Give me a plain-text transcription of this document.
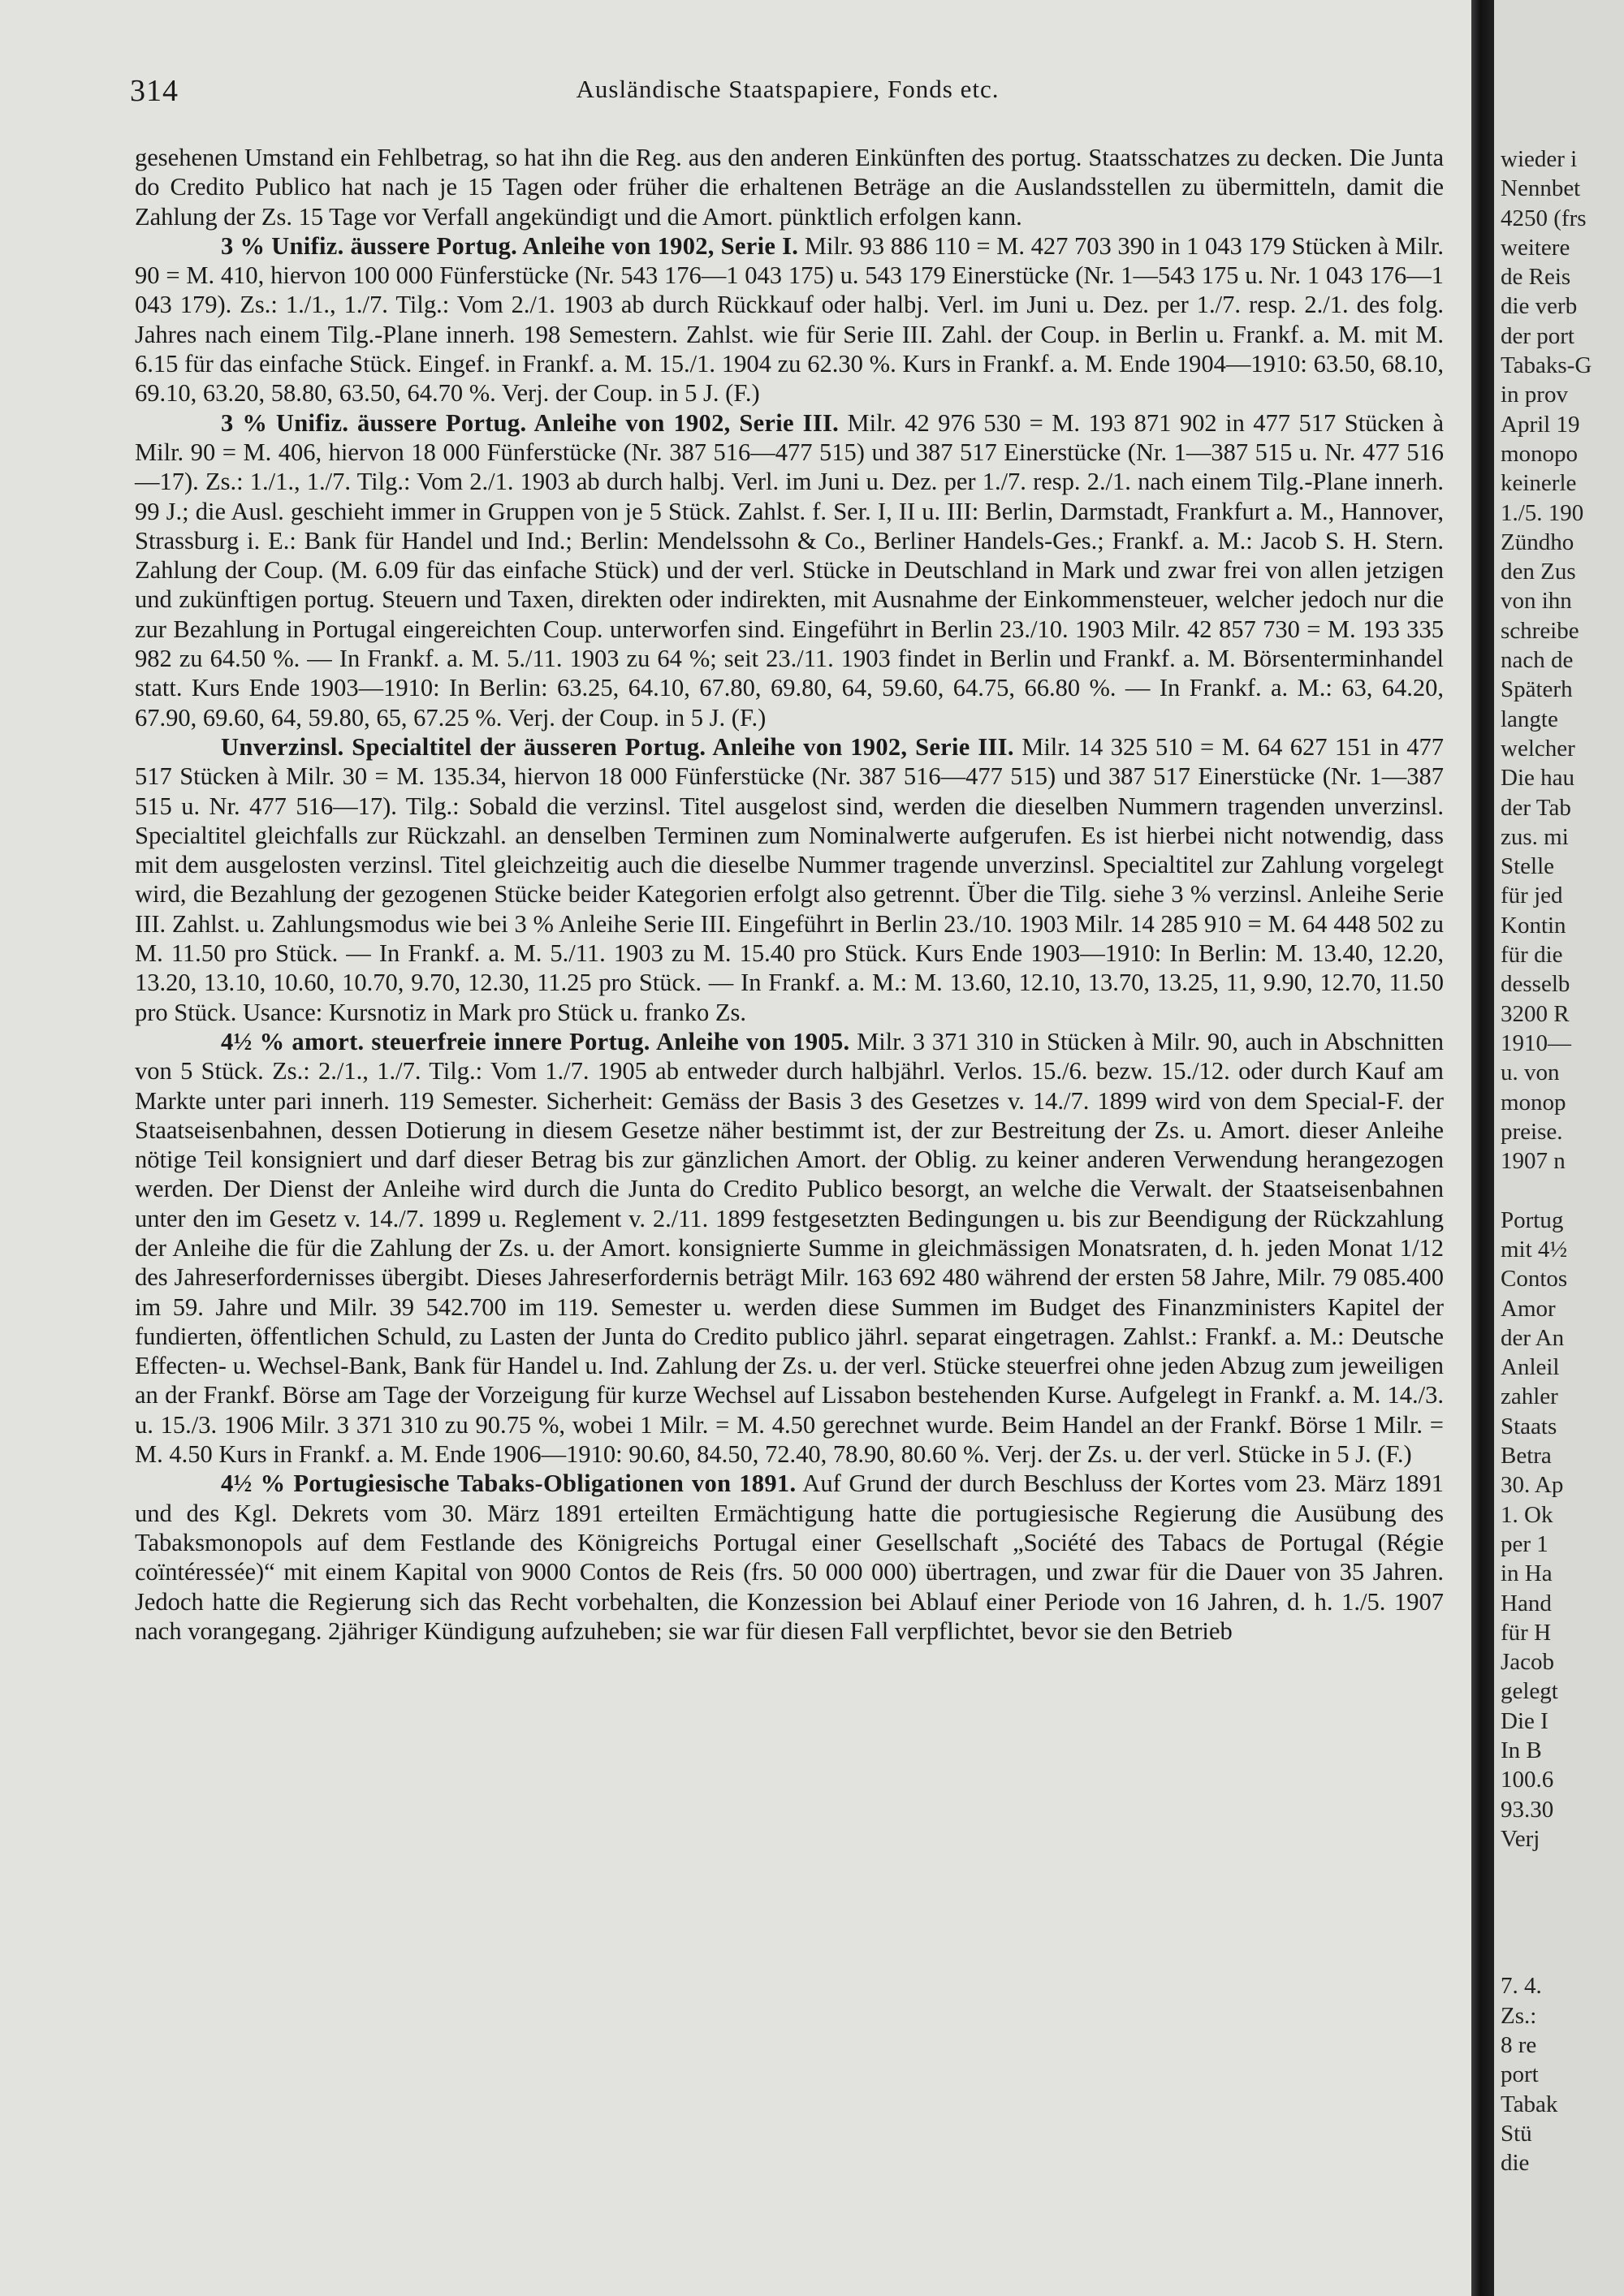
314	Ausländische Staatspapiere, Fonds etc.

gesehenen Umstand ein Fehlbetrag, so hat ihn die Reg. aus den anderen Einkünften des portug. Staatsschatzes zu decken. Die Junta do Credito Publico hat nach je 15 Tagen oder früher die erhaltenen Beträge an die Auslandsstellen zu übermitteln, damit die Zahlung der Zs. 15 Tage vor Verfall angekündigt und die Amort. pünktlich erfolgen kann.

3 % Unifiz. äussere Portug. Anleihe von 1902, Serie I. Milr. 93 886 110 = M. 427 703 390 in 1 043 179 Stücken à Milr. 90 = M. 410, hiervon 100 000 Fünferstücke (Nr. 543 176—1 043 175) u. 543 179 Einerstücke (Nr. 1—543 175 u. Nr. 1 043 176—1 043 179). Zs.: 1./1., 1./7. Tilg.: Vom 2./1. 1903 ab durch Rückkauf oder halbj. Verl. im Juni u. Dez. per 1./7. resp. 2./1. des folg. Jahres nach einem Tilg.-Plane innerh. 198 Semestern. Zahlst. wie für Serie III. Zahl. der Coup. in Berlin u. Frankf. a. M. mit M. 6.15 für das einfache Stück. Eingef. in Frankf. a. M. 15./1. 1904 zu 62.30 %. Kurs in Frankf. a. M. Ende 1904—1910: 63.50, 68.10, 69.10, 63.20, 58.80, 63.50, 64.70 %. Verj. der Coup. in 5 J. (F.)

3 % Unifiz. äussere Portug. Anleihe von 1902, Serie III. Milr. 42 976 530 = M. 193 871 902 in 477 517 Stücken à Milr. 90 = M. 406, hiervon 18 000 Fünferstücke (Nr. 387 516—477 515) und 387 517 Einerstücke (Nr. 1—387 515 u. Nr. 477 516—17). Zs.: 1./1., 1./7. Tilg.: Vom 2./1. 1903 ab durch halbj. Verl. im Juni u. Dez. per 1./7. resp. 2./1. nach einem Tilg.-Plane innerh. 99 J.; die Ausl. geschieht immer in Gruppen von je 5 Stück. Zahlst. f. Ser. I, II u. III: Berlin, Darmstadt, Frankfurt a. M., Hannover, Strassburg i. E.: Bank für Handel und Ind.; Berlin: Mendelssohn & Co., Berliner Handels-Ges.; Frankf. a. M.: Jacob S. H. Stern. Zahlung der Coup. (M. 6.09 für das einfache Stück) und der verl. Stücke in Deutschland in Mark und zwar frei von allen jetzigen und zukünftigen portug. Steuern und Taxen, direkten oder indirekten, mit Ausnahme der Einkommensteuer, welcher jedoch nur die zur Bezahlung in Portugal eingereichten Coup. unterworfen sind. Eingeführt in Berlin 23./10. 1903 Milr. 42 857 730 = M. 193 335 982 zu 64.50 %. — In Frankf. a. M. 5./11. 1903 zu 64 %; seit 23./11. 1903 findet in Berlin und Frankf. a. M. Börsenterminhandel statt. Kurs Ende 1903—1910: In Berlin: 63.25, 64.10, 67.80, 69.80, 64, 59.60, 64.75, 66.80 %. — In Frankf. a. M.: 63, 64.20, 67.90, 69.60, 64, 59.80, 65, 67.25 %. Verj. der Coup. in 5 J. (F.)

Unverzinsl. Specialtitel der äusseren Portug. Anleihe von 1902, Serie III. Milr. 14 325 510 = M. 64 627 151 in 477 517 Stücken à Milr. 30 = M. 135.34, hiervon 18 000 Fünferstücke (Nr. 387 516—477 515) und 387 517 Einerstücke (Nr. 1—387 515 u. Nr. 477 516—17). Tilg.: Sobald die verzinsl. Titel ausgelost sind, werden die dieselben Nummern tragenden unverzinsl. Specialtitel gleichfalls zur Rückzahl. an denselben Terminen zum Nominalwerte aufgerufen. Es ist hierbei nicht notwendig, dass mit dem ausgelosten verzinsl. Titel gleichzeitig auch die dieselbe Nummer tragende unverzinsl. Specialtitel zur Zahlung vorgelegt wird, die Bezahlung der gezogenen Stücke beider Kategorien erfolgt also getrennt. Über die Tilg. siehe 3 % verzinsl. Anleihe Serie III. Zahlst. u. Zahlungsmodus wie bei 3 % Anleihe Serie III. Eingeführt in Berlin 23./10. 1903 Milr. 14 285 910 = M. 64 448 502 zu M. 11.50 pro Stück. — In Frankf. a. M. 5./11. 1903 zu M. 15.40 pro Stück. Kurs Ende 1903—1910: In Berlin: M. 13.40, 12.20, 13.20, 13.10, 10.60, 10.70, 9.70, 12.30, 11.25 pro Stück. — In Frankf. a. M.: M. 13.60, 12.10, 13.70, 13.25, 11, 9.90, 12.70, 11.50 pro Stück. Usance: Kursnotiz in Mark pro Stück u. franko Zs.

4½ % amort. steuerfreie innere Portug. Anleihe von 1905. Milr. 3 371 310 in Stücken à Milr. 90, auch in Abschnitten von 5 Stück. Zs.: 2./1., 1./7. Tilg.: Vom 1./7. 1905 ab entweder durch halbjährl. Verlos. 15./6. bezw. 15./12. oder durch Kauf am Markte unter pari innerh. 119 Semester. Sicherheit: Gemäss der Basis 3 des Gesetzes v. 14./7. 1899 wird von dem Special-F. der Staatseisenbahnen, dessen Dotierung in diesem Gesetze näher bestimmt ist, der zur Bestreitung der Zs. u. Amort. dieser Anleihe nötige Teil konsigniert und darf dieser Betrag bis zur gänzlichen Amort. der Oblig. zu keiner anderen Verwendung herangezogen werden. Der Dienst der Anleihe wird durch die Junta do Credito Publico besorgt, an welche die Verwalt. der Staatseisenbahnen unter den im Gesetz v. 14./7. 1899 u. Reglement v. 2./11. 1899 festgesetzten Bedingungen u. bis zur Beendigung der Rückzahlung der Anleihe die für die Zahlung der Zs. u. der Amort. konsignierte Summe in gleichmässigen Monatsraten, d. h. jeden Monat 1/12 des Jahreserfordernisses übergibt. Dieses Jahreserfordernis beträgt Milr. 163 692 480 während der ersten 58 Jahre, Milr. 79 085.400 im 59. Jahre und Milr. 39 542.700 im 119. Semester u. werden diese Summen im Budget des Finanzministers Kapitel der fundierten, öffentlichen Schuld, zu Lasten der Junta do Credito publico jährl. separat eingetragen. Zahlst.: Frankf. a. M.: Deutsche Effecten- u. Wechsel-Bank, Bank für Handel u. Ind. Zahlung der Zs. u. der verl. Stücke steuerfrei ohne jeden Abzug zum jeweiligen an der Frankf. Börse am Tage der Vorzeigung für kurze Wechsel auf Lissabon bestehenden Kurse. Aufgelegt in Frankf. a. M. 14./3. u. 15./3. 1906 Milr. 3 371 310 zu 90.75 %, wobei 1 Milr. = M. 4.50 gerechnet wurde. Beim Handel an der Frankf. Börse 1 Milr. = M. 4.50 Kurs in Frankf. a. M. Ende 1906—1910: 90.60, 84.50, 72.40, 78.90, 80.60 %. Verj. der Zs. u. der verl. Stücke in 5 J. (F.)

4½ % Portugiesische Tabaks-Obligationen von 1891. Auf Grund der durch Beschluss der Kortes vom 23. März 1891 und des Kgl. Dekrets vom 30. März 1891 erteilten Ermächtigung hatte die portugiesische Regierung die Ausübung des Tabaksmonopols auf dem Festlande des Königreichs Portugal einer Gesellschaft „Société des Tabacs de Portugal (Régie coïntéressée)“ mit einem Kapital von 9000 Contos de Reis (frs. 50 000 000) übertragen, und zwar für die Dauer von 35 Jahren. Jedoch hatte die Regierung sich das Recht vorbehalten, die Konzession bei Ablauf einer Periode von 16 Jahren, d. h. 1./5. 1907 nach vorangegang. 2jähriger Kündigung aufzuheben; sie war für diesen Fall verpflichtet, bevor sie den Betrieb

wieder i
Nennbet
4250 (frs
weitere
de Reis
die verb
der port
Tabaks-G
in prov
April 19
monopo
keinerle
1./5. 190
Zündho
den Zus
von ihn
schreibe
nach de
Späterh
langte
welcher
Die hau
der Tab
zus. mi
Stelle
für jed
Kontin
für die
desselb
3200 R
1910—
u. von
monop
preise.
1907 n

Portug
mit 4½
Contos
Amor
der An
Anleil
zahler
Staats
Betra
30. Ap
1. Ok
per 1
in Ha
Hand
für H
Jacob
gelegt
Die I
In B
100.6
93.30
Verj

7. 4.
Zs.:
8 re
port
Tabak
Stü
die
